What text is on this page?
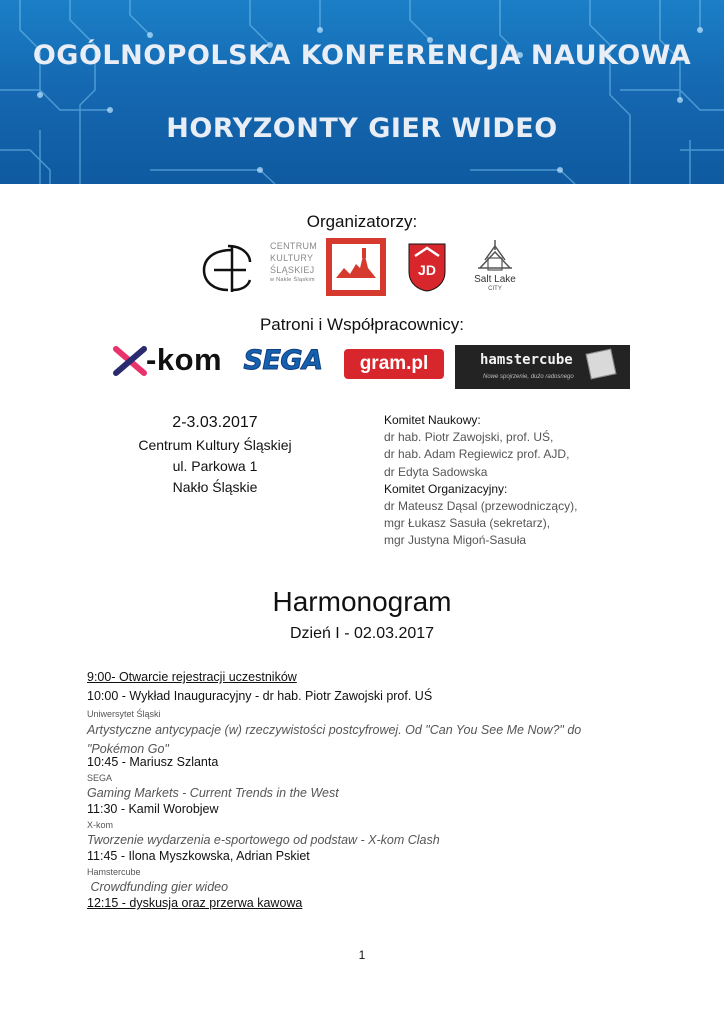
OGÓLNOPOLSKA KONFERENCJA NAUKOWA
HORYZONTY GIER WIDEO
Organizatorzy:
CENTRUM
KULTURY
ŚLĄSKIEJ
w Nakle Śląskim
JD
Salt Lake
CITY
Patroni i Współpracownicy:
-kom SEGA	gram.pl	hamstercube
Nowe spojrzenie, dużo radosnego
2-3.03.2017
Centrum Kultury Śląskiej
ul. Parkowa 1
Nakło Śląskie
Komitet Naukowy:
dr hab. Piotr Zawojski, prof. UŚ,
dr hab. Adam Regiewicz prof. AJD,
dr Edyta Sadowska
Komitet Organizacyjny:
dr Mateusz Dąsal (przewodniczący),
mgr Łukasz Sasuła (sekretarz),
mgr Justyna Migoń-Sasuła
Harmonogram
Dzień I - 02.03.2017
9:00- Otwarcie rejestracji uczestników
10:00 - Wykład Inauguracyjny - dr hab. Piotr Zawojski prof. UŚ
Uniwersytet Śląski
Artystyczne antycypacje (w) rzeczywistości postcyfrowej. Od "Can You See Me Now?" do "Pokémon Go"
10:45 - Mariusz Szlanta
SEGA
Gaming Markets - Current Trends in the West
11:30 - Kamil Worobjew
X-kom
Tworzenie wydarzenia e-sportowego od podstaw - X-kom Clash
11:45 - Ilona Myszkowska, Adrian Pskiet
Hamstercube
Crowdfunding gier wideo
12:15 - dyskusja oraz przerwa kawowa
1
